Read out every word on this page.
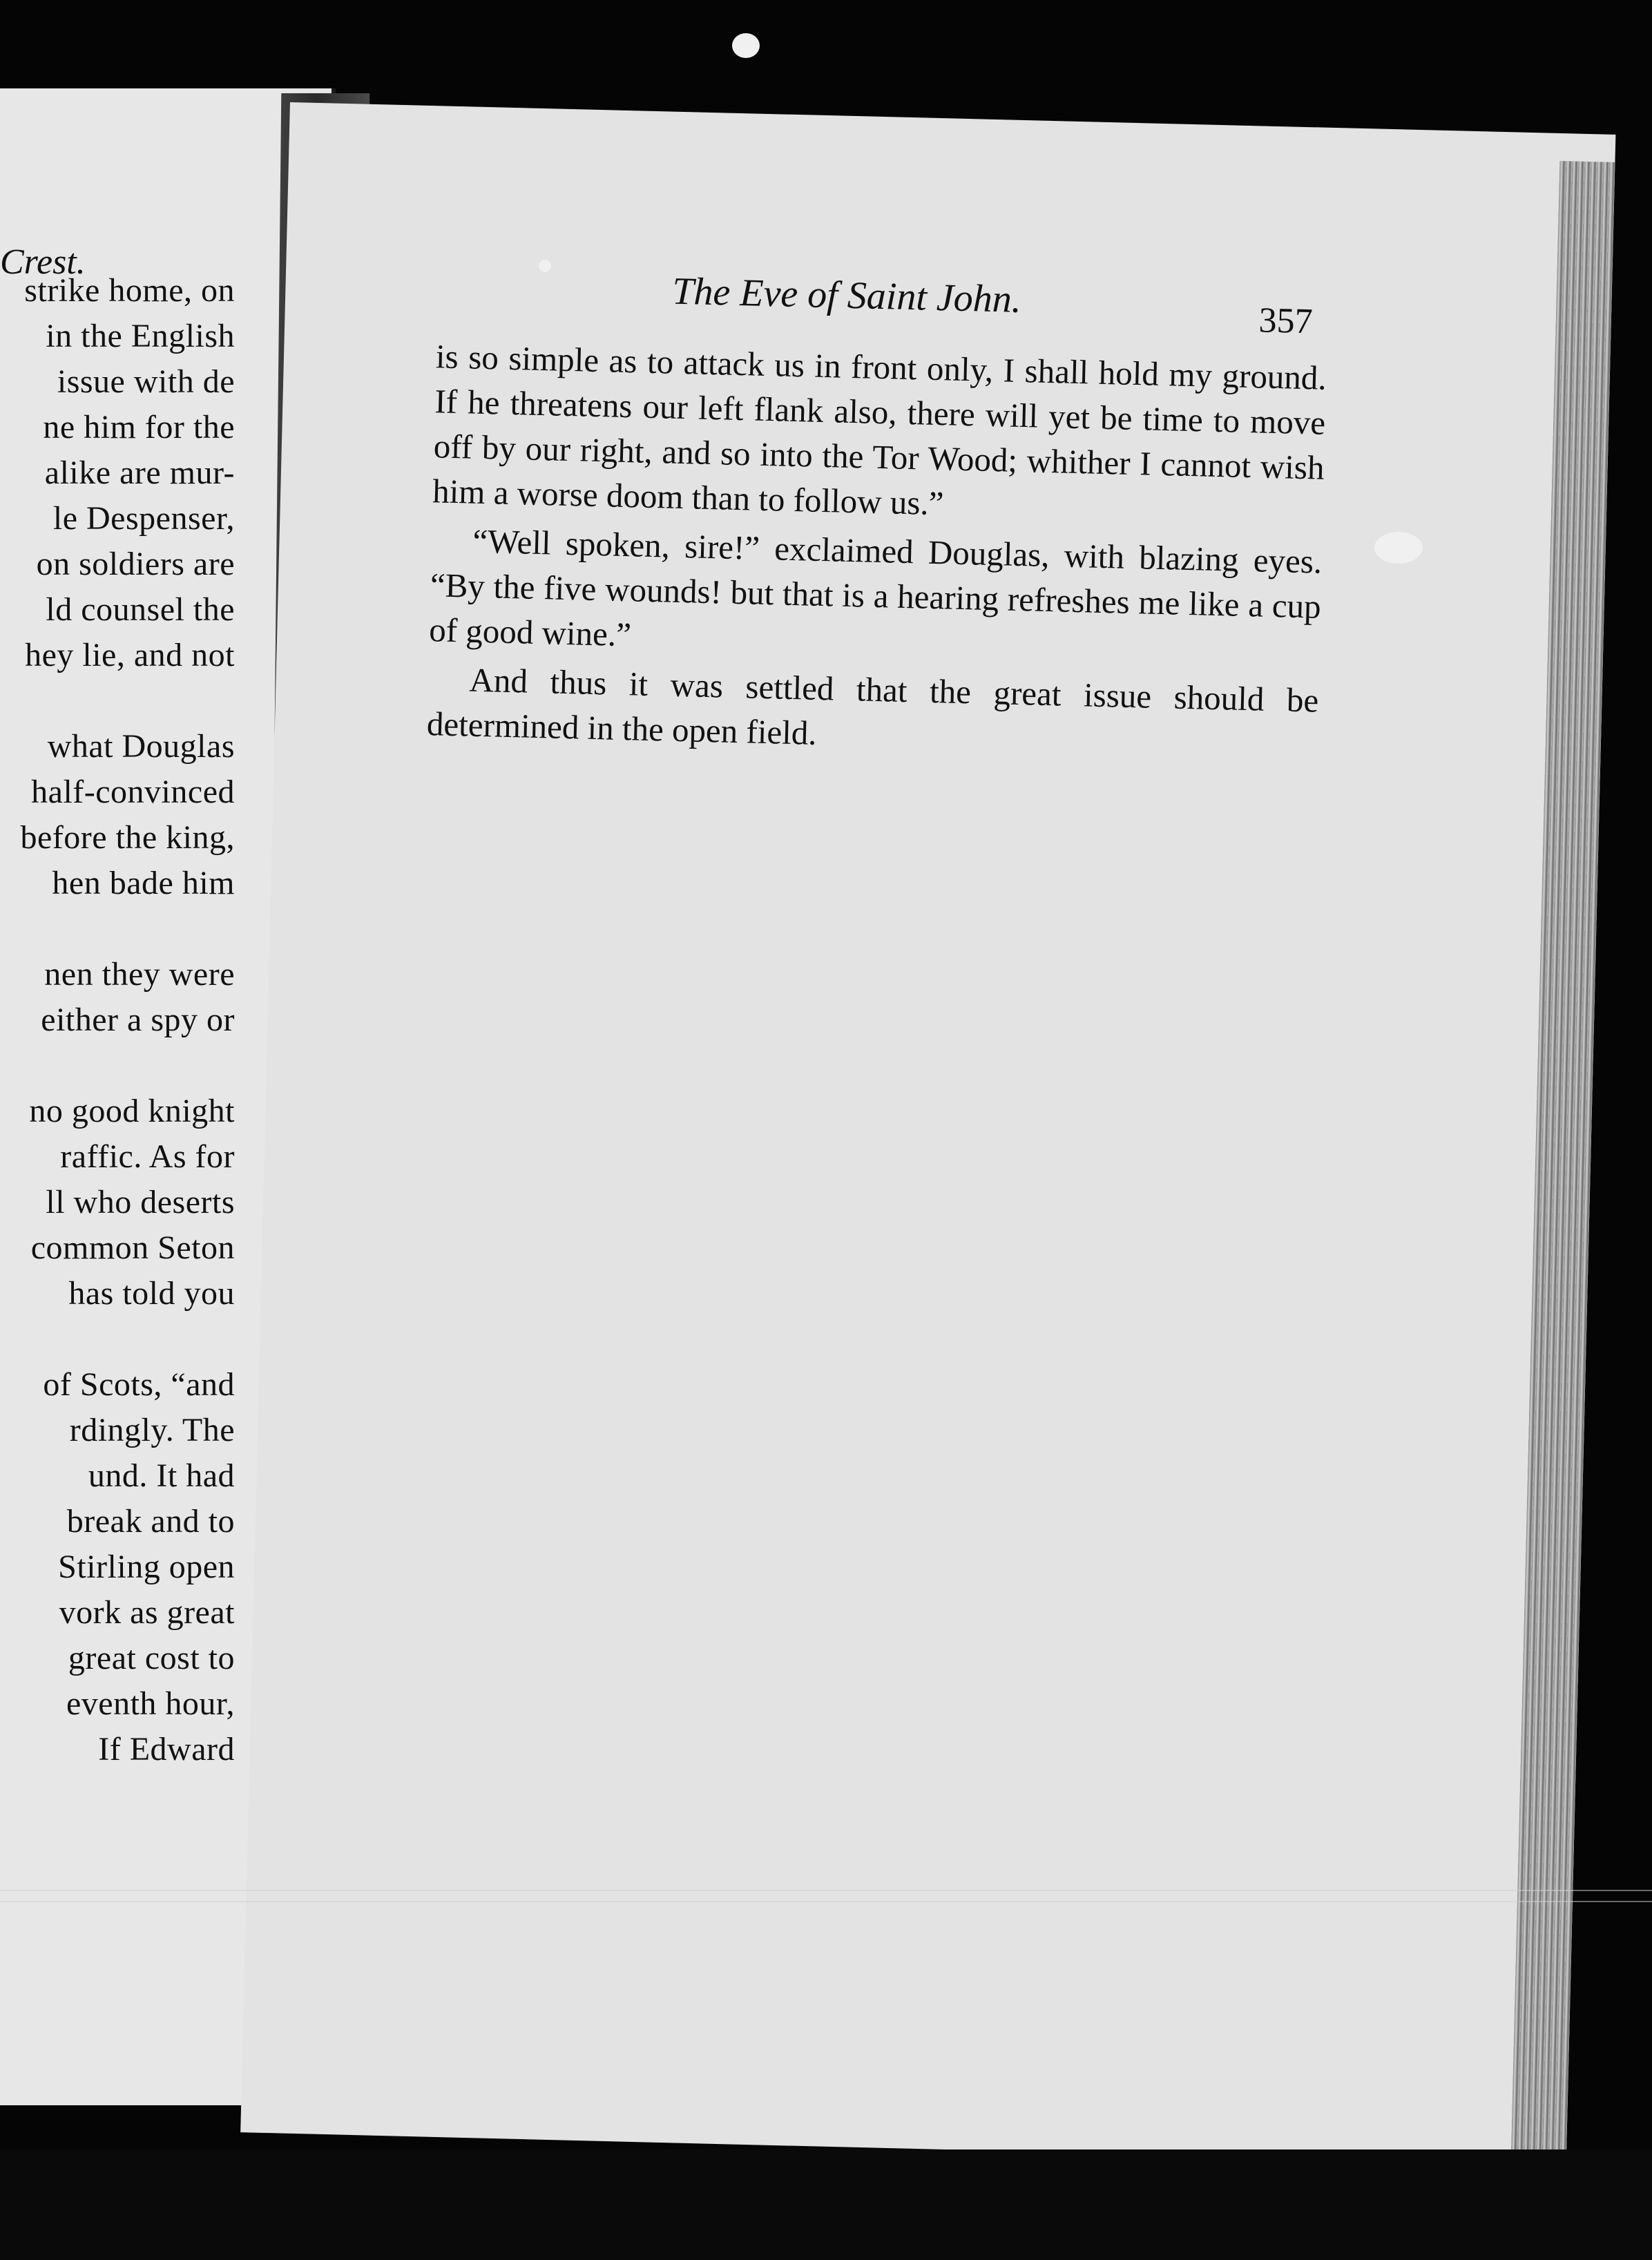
Crest.
strike home, on
in the English
issue with de
ne him for the
alike are mur-
le Despenser,
on soldiers are
ld counsel the
hey lie, and not
what Douglas
half-convinced
before the king,
hen bade him
nen they were
either a spy or
no good knight
raffic. As for
ll who deserts
common Seton
has told you
of Scots, “and
rdingly. The
und. It had
break and to
Stirling open
vork as great
great cost to
eventh hour,
If Edward
The Eve of Saint John.	357

is so simple as to attack us in front only, I shall hold my ground. If he threatens our left flank also, there will yet be time to move off by our right, and so into the Tor Wood; whither I cannot wish him a worse doom than to follow us.”

“Well spoken, sire!” exclaimed Douglas, with blazing eyes. “By the five wounds! but that is a hearing refreshes me like a cup of good wine.”

And thus it was settled that the great issue should be determined in the open field.
